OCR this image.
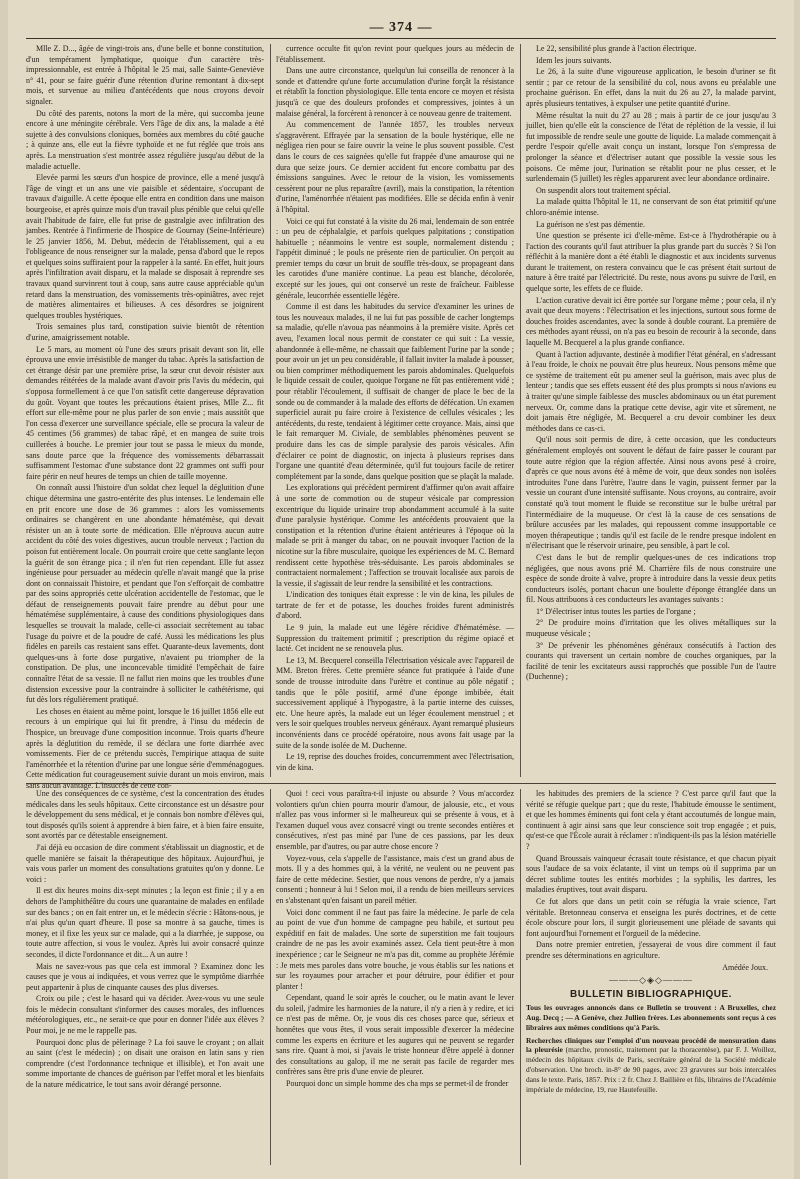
— 374 —

Mlle Z. D..., âgée de vingt-trois ans, d'une belle et bonne constitution, d'un tempérament lymphatique, quoique d'un caractère très-impressionnable, est entrée à l'hôpital le 25 mai, salle Sainte-Geneviève n° 41, pour se faire guérir d'une rétention d'urine remontant à dix-sept mois, et survenue au milieu d'antécédents que nous croyons devoir signaler.

Du côté des parents, notons la mort de la mère, qui succomba jeune encore à une méningite cérébrale. Vers l'âge de dix ans, la malade a été sujette à des convulsions cloniques, bornées aux membres du côté gauche ; à quinze ans, elle eut la fièvre typhoïde et ne fut réglée que trois ans après. La menstruation s'est montrée assez régulière jusqu'au début de la maladie actuelle.

Elevée parmi les sœurs d'un hospice de province, elle a mené jusqu'à l'âge de vingt et un ans une vie paisible et sédentaire, s'occupant de travaux d'aiguille. A cette époque elle entra en condition dans une maison bourgeoise, et après quinze mois d'un travail plus pénible que celui qu'elle avait l'habitude de faire, elle fut prise de gastralgie avec infiltration des jambes. Rentrée à l'infirmerie de l'hospice de Gournay (Seine-Inférieure) le 25 janvier 1856, M. Debut, médecin de l'établissement, qui a eu l'obligeance de nous renseigner sur la malade, pensa d'abord que le repos et quelques soins suffiraient pour la rappeler à la santé. En effet, huit jours après l'infiltration avait disparu, et la malade se disposait à reprendre ses travaux quand survinrent tout à coup, sans autre cause appréciable qu'un retard dans la menstruation, des vomissements très-opiniâtres, avec rejet de matières alimentaires et bilieuses. A ces désordres se joignirent quelques troubles hystériques.

Trois semaines plus tard, constipation suivie bientôt de rétention d'urine, amaigrissement notable.

Le 5 mars, au moment où l'une des sœurs prisait devant son lit, elle éprouva une envie irrésistible de manger du tabac. Après la satisfaction de cet étrange désir par une première prise, la sœur crut devoir résister aux demandes réitérées de la malade avant d'avoir pris l'avis du médecin, qui s'opposa formellement à ce que l'on satisfît cette dangereuse dépravation du goût. Voyant que toutes les précautions étaient prises, Mlle Z... fit effort sur elle-même pour ne plus parler de son envie ; mais aussitôt que l'on cessa d'exercer une surveillance spéciale, elle se procura la valeur de 45 centimes (56 grammes) de tabac râpé, et en mangea de suite trois cuillerées à bouche. Le premier jour tout se passa le mieux du monde, sans doute parce que la fréquence des vomissements débarrassait suffisamment l'estomac d'une substance dont 22 grammes ont suffi pour faire périr en neuf heures de temps un chien de taille moyenne.

On connaît aussi l'histoire d'un soldat chez lequel la déglutition d'une chique détermina une gastro-entérite des plus intenses. Le lendemain elle en prit encore une dose de 36 grammes : alors les vomissements ordinaires se changèrent en une abondante hématémèse, qui devait résister un an à toute sorte de médication. Elle n'éprouva aucun autre accident du côté des voies digestives, aucun trouble nerveux ; l'action du poison fut entièrement locale. On pourrait croire que cette sanglante leçon la guérit de son étrange pica ; il n'en fut rien cependant. Elle fut assez ingénieuse pour persuader au médecin qu'elle n'avait mangé que la prise dont on connaissait l'histoire, et pendant que l'on s'efforçait de combattre par des soins appropriés cette ulcération accidentelle de l'estomac, que le défaut de renseignements pouvait faire prendre au début pour une hématémèse supplémentaire, à cause des conditions physiologiques dans lesquelles se trouvait la malade, celle-ci associait secrètement au tabac l'usage du poivre et de la poudre de café. Aussi les médications les plus fidèles en pareils cas restaient sans effet. Quarante-deux lavements, dont quelques-uns à forte dose purgative, n'avaient pu triompher de la constipation. De plus, une inconcevable timidité l'empêchait de faire connaître l'état de sa vessie. Il ne fallut rien moins que les troubles d'une distension excessive pour la contraindre à solliciter le cathétérisme, qui fut dès lors régulièrement pratiqué.

Les choses en étaient au même point, lorsque le 16 juillet 1856 elle eut recours à un empirique qui lui fit prendre, à l'insu du médecin de l'hospice, un breuvage d'une composition inconnue. Trois quarts d'heure après la déglutition du remède, il se déclara une forte diarrhée avec vomissements. Fier de ce prétendu succès, l'empirique attaqua de suite l'aménorrhée et la rétention d'urine par une longue série d'emménagogues. Cette médication fut courageusement suivie durant un mois environ, mais sans aucun avantage. L'insuccès de cette con-

currence occulte fit qu'on revint pour quelques jours au médecin de l'établissement.

Dans une autre circonstance, quelqu'un lui conseilla de renoncer à la sonde et d'attendre qu'une forte accumulation d'urine forçât la résistance et rétablît la fonction physiologique. Elle tenta encore ce moyen et résista jusqu'à ce que des douleurs profondes et compressives, jointes à un malaise général, la forcèrent à renoncer à ce nouveau genre de traitement.

Au commencement de l'année 1857, les troubles nerveux s'aggravèrent. Effrayée par la sensation de la boule hystérique, elle ne négligea rien pour se faire ouvrir la veine le plus souvent possible. C'est dans le cours de ces saignées qu'elle fut frappée d'une amaurose qui ne dura que seize jours. Ce dernier accident fut encore combattu par des émissions sanguines. Avec le retour de la vision, les vomissements cessèrent pour ne plus reparaître (avril), mais la constipation, la rétention d'urine, l'aménorrhée n'étaient pas modifiées. Elle se décida enfin à venir à l'hôpital.

Voici ce qui fut constaté à la visite du 26 mai, lendemain de son entrée : un peu de céphalalgie, et parfois quelques palpitations ; constipation habituelle ; néanmoins le ventre est souple, normalement distendu ; l'appétit diminué ; le pouls ne présente rien de particulier. On perçoit au premier temps du cœur un bruit de souffle très-doux, se propageant dans les carotides d'une manière continue. La peau est blanche, décolorée, excepté sur les joues, qui ont conservé un reste de fraîcheur. Faiblesse générale, leucorrhée essentielle légère.

Comme il est dans les habitudes du service d'examiner les urines de tous les nouveaux malades, il ne lui fut pas possible de cacher longtemps sa maladie, qu'elle n'avoua pas néanmoins à la première visite. Après cet aveu, l'examen local nous permit de constater ce qui suit : La vessie, abandonnée à elle-même, ne chassait que faiblement l'urine par la sonde ; pour avoir un jet un peu considérable, il fallait inviter la malade à pousser, ou bien comprimer méthodiquement les parois abdominales. Quelquefois le liquide cessait de couler, quoique l'organe ne fût pas entièrement vidé ; pour rétablir l'écoulement, il suffisait de changer de place le bec de la sonde ou de commander à la malade des efforts de défécation. Un examen superficiel aurait pu faire croire à l'existence de cellules vésicales ; les antécédents, du reste, tendaient à légitimer cette croyance. Mais, ainsi que le fait remarquer M. Civiale, de semblables phénomènes peuvent se produire dans les cas de simple paralysie des parois vésicales. Afin d'éclairer ce point de diagnostic, on injecta à plusieurs reprises dans l'organe une quantité d'eau déterminée, qu'il fut toujours facile de retirer complétement par la sonde, dans quelque position que se plaçât la malade.

Les explorations qui précèdent permirent d'affirmer qu'on avait affaire à une sorte de commotion ou de stupeur vésicale par compression excentrique du liquide urinaire trop abondamment accumulé à la suite d'une paralysie hystérique. Comme les antécédents prouvaient que la constipation et la rétention d'urine étaient antérieures à l'époque où la malade se prit à manger du tabac, on ne pouvait invoquer l'action de la nicotine sur la fibre musculaire, quoique les expériences de M. C. Bernard rendissent cette hypothèse très-séduisante. Les parois abdominales se contractaient normalement ; l'affection se trouvait localisée aux parois de la vessie, il s'agissait de leur rendre la sensibilité et les contractions.

L'indication des toniques était expresse : le vin de kina, les pilules de tartrate de fer et de potasse, les douches froides furent administrés d'abord.

Le 9 juin, la malade eut une légère récidive d'hématémèse. — Suppression du traitement primitif ; prescription du régime opiacé et lacté. Cet incident ne se renouvela plus.

Le 13, M. Becquerel conseilla l'électrisation vésicale avec l'appareil de MM. Breton frères. Cette première séance fut pratiquée à l'aide d'une sonde de trousse introduite dans l'urètre et continue au pôle négatif ; tandis que le pôle positif, armé d'une éponge imbibée, était successivement appliqué à l'hypogastre, à la partie interne des cuisses, etc. Une heure après, la malade eut un léger écoulement menstruel ; et vers le soir quelques troubles nerveux généraux. Ayant remarqué plusieurs inconvénients dans ce procédé opératoire, nous avons fait usage par la suite de la sonde isolée de M. Duchenne.

Le 19, reprise des douches froides, concurremment avec l'électrisation, vin de kina.

Le 22, sensibilité plus grande à l'action électrique.

Idem les jours suivants.

Le 26, à la suite d'une vigoureuse application, le besoin d'uriner se fit sentir ; par ce retour de la sensibilité du col, nous avons eu préalable une prochaine guérison. En effet, dans la nuit du 26 au 27, la malade parvint, après plusieurs tentatives, à expulser une petite quantité d'urine.

Même résultat la nuit du 27 au 28 ; mais à partir de ce jour jusqu'au 3 juillet, bien qu'elle eût la conscience de l'état de réplétion de la vessie, il lui fut impossible de rendre seule une goutte de liquide. La malade commençait à perdre l'espoir qu'elle avait conçu un instant, lorsque l'on s'empressa de prolonger la séance et d'électriser autant que possible la vessie sous les poisons. Ce même jour, l'urination se rétablit pour ne plus cesser, et le surlendemain (5 juillet) les règles apparurent avec leur abondance ordinaire.

On suspendit alors tout traitement spécial.

La malade quitta l'hôpital le 11, ne conservant de son état primitif qu'une chloro-anémie intense.

La guérison ne s'est pas démentie.

Une question se présente ici d'elle-même. Est-ce à l'hydrothérapie ou à l'action des courants qu'il faut attribuer la plus grande part du succès ? Si l'on réfléchit à la manière dont a été établi le diagnostic et aux incidents survenus durant le traitement, on restera convaincu que le cas présent était surtout de nature à être traité par l'électricité. Du reste, nous avons pu suivre de l'œil, en quelque sorte, les effets de ce fluide.

L'action curative devait ici être portée sur l'organe même ; pour cela, il n'y avait que deux moyens : l'électrisation et les injections, surtout sous forme de douches froides ascendantes, avec la sonde à double courant. La première de ces méthodes ayant réussi, on n'a pas eu besoin de recourir à la seconde, dans laquelle M. Becquerel a la plus grande confiance.

Quant à l'action adjuvante, destinée à modifier l'état général, en s'adressant à l'eau froide, le choix ne pouvait être plus heureux. Nous pensons même que ce système de traitement eût pu amener seul la guérison, mais avec plus de lenteur ; tandis que ses effets eussent été des plus prompts si nous n'avions eu à traiter qu'une simple faiblesse des muscles abdominaux ou un état purement nerveux. Or, comme dans la pratique cette devise, agir vite et sûrement, ne doit jamais être négligée, M. Becquerel a cru devoir combiner les deux méthodes dans ce cas-ci.

Qu'il nous soit permis de dire, à cette occasion, que les conducteurs généralement employés ont souvent le défaut de faire passer le courant par toute autre région que la région affectée. Ainsi nous avons pesé à croire, d'après ce que nous avons été à même de voir, que deux sondes non isolées introduites l'une dans l'urètre, l'autre dans le vagin, puissent fermer par la vessie un courant d'une intensité suffisante. Nous croyons, au contraire, avoir constaté qu'à tout moment le fluide se reconstitue sur le bulbe urétral par l'intermédiaire de la muqueuse. Or c'est là la cause de ces sensations de brûlure accusées par les malades, qui repoussent comme insupportable ce moyen thérapeutique ; tandis qu'il est facile de le rendre presque indolent en n'électrisant que le réservoir urinaire, peu sensible, à part le col.

C'est dans le but de remplir quelques-unes de ces indications trop négligées, que nous avons prié M. Charrière fils de nous construire une espèce de sonde droite à valve, propre à introduire dans la vessie deux petits conducteurs isolés, portant chacun une boulette d'éponge étranglée dans un fil. Nous attribuons à ces conducteurs les avantages suivants :

1° D'électriser intus toutes les parties de l'organe ;

2° De produire moins d'irritation que les olives métalliques sur la muqueuse vésicale ;

3° De prévenir les phénomènes généraux consécutifs à l'action des courants qui traversent un certain nombre de couches organiques, par la facilité de tenir les excitateurs aussi rapprochés que possible l'un de l'autre (Duchenne) ;

Une des conséquences de ce système, c'est la concentration des études médicales dans les seuls hôpitaux. Cette circonstance est un désastre pour le développement du sens médical, et je connais bon nombre d'élèves qui, tout disposés qu'ils soient à apprendre à bien faire, et à bien faire ensuite, sont avortés par ce détestable enseignement.

J'ai déjà eu occasion de dire comment s'établissait un diagnostic, et de quelle manière se faisait la thérapeutique des hôpitaux. Aujourd'hui, je vais vous parler un moment des consultations gratuites qu'on y donne. Le voici :

Il est dix heures moins dix-sept minutes ; la leçon est finie ; il y a en dehors de l'amphithéâtre du cours une quarantaine de malades en enfilade sur des bancs ; on en fait entrer un, et le médecin s'écrie : Hâtons-nous, je n'ai plus qu'un quart d'heure. Il pose sa montre à sa gauche, times is money, et il fixe les yeux sur ce malade, qui a la diarrhée, je suppose, ou toute autre affection, si vous le voulez. Après lui avoir consacré quinze secondes, il dicte l'ordonnance et dit... A un autre !

Mais ne savez-vous pas que cela est immoral ? Examinez donc les causes que je vous ai indiquées, et vous verrez que le symptôme diarrhée peut appartenir à plus de cinquante causes des plus diverses.

Croix ou pile ; c'est le hasard qui va décider. Avez-vous vu une seule fois le médecin consultant s'informer des causes morales, des influences météorologiques, etc., ne serait-ce que pour en donner l'idée aux élèves ? Pour moi, je ne me le rappelle pas.

Pourquoi donc plus de pèlerinage ? La foi sauve le croyant ; on allait au saint (c'est le médecin) ; on disait une oraison en latin sans y rien comprendre (c'est l'ordonnance technique et illisible), et l'on avait une somme importante de chances de guérison par l'effet moral et les bienfaits de la nature médicatrice, le tout sans avoir dérangé personne.

Quoi ! ceci vous paraîtra-t-il injuste ou absurde ? Vous m'accordez volontiers qu'un chien pourra mourir d'amour, de jalousie, etc., et vous n'allez pas vous informer si le malheureux qui se présente à vous, et à l'examen duquel vous avez consacré vingt ou trente secondes entières et consécutives, n'est pas miné par l'une de ces passions, par les deux ensemble, par d'autres, ou par autre chose encore ?

Voyez-vous, cela s'appelle de l'assistance, mais c'est un grand abus de mots. Il y a des hommes qui, à la vérité, ne veulent ou ne peuvent pas faire de cette médecine. Sestier, que nous venons de perdre, n'y a jamais consenti ; honneur à lui ! Selon moi, il a rendu de bien meilleurs services en s'abstenant qu'en faisant un pareil métier.

Voici donc comment il ne faut pas faire la médecine. Je parle de cela au point de vue d'un homme de campagne peu habile, et surtout peu expéditif en fait de malades. Une sorte de superstition me fait toujours craindre de ne pas les avoir examinés assez. Cela tient peut-être à mon inexpérience ; car le Seigneur ne m'a pas dit, comme au prophète Jérémie : Je mets mes paroles dans votre bouche, je vous établis sur les nations et sur les royaumes pour arracher et pour détruire, pour édifier et pour planter !

Cependant, quand le soir après le coucher, ou le matin avant le lever du soleil, j'admire les harmonies de la nature, il n'y a rien à y redire, et ici ce n'est pas de même. Or, je vous dis ces choses parce que, sérieux et honnêtes que vous êtes, il vous serait impossible d'exercer la médecine comme les experts en écriture et les augures qui ne peuvent se regarder sans rire. Quant à moi, si j'avais le triste honneur d'être appelé à donner des consultations au galop, il me ne serait pas facile de regarder mes confrères sans être pris d'une envie de pleurer.

Pourquoi donc un simple homme des cha mps se permet-il de fronder

les habitudes des premiers de la science ? C'est parce qu'il faut que la vérité se réfugie quelque part ; que du reste, l'habitude émousse le sentiment, et que les hommes éminents qui font cela y étant accoutumés de longue main, continuent à agir ainsi sans que leur conscience soit trop engagée ; et puis, qu'est-ce que l'École aurait à réclamer : n'indiquent-ils pas la lésion matérielle ?

Quand Broussais vainqueur écrasait toute résistance, et que chacun piyait sous l'audace de sa voix éclatante, il vint un temps où il supprima par un décret sublime toutes les entités morbides ; la syphilis, les dartres, les maladies éruptives, tout avait disparu.

Ce fut alors que dans un petit coin se réfugia la vraie science, l'art véritable. Bretonneau conserva et enseigna les purés doctrines, et de cette école obscure pour lors, il surgit glorieusement une pléiade de savants qui font aujourd'hui l'ornement et l'orgueil de la médecine.

Dans notre premier entretien, j'essayerai de vous dire comment il faut prendre ses déterminations en agriculture.

Amédée Joux.

———◇◈◇———
BULLETIN BIBLIOGRAPHIQUE.

Tous les ouvrages annoncés dans ce Bulletin se trouvent : A Bruxelles, chez Aug. Decq ; — A Genève, chez Jullien frères. Les abonnements sont reçus à ces libraires aux mêmes conditions qu'à Paris.

Recherches cliniques sur l'emploi d'un nouveau procédé de mensuration dans la pleurésie (marche, pronostic, traitement par la thoracentèse), par F. J. Woillez, médecin des hôpitaux civils de Paris, secrétaire général de la Société médicale d'observation. Une broch. in-8° de 90 pages, avec 23 gravures sur bois intercalées dans le texte. Paris, 1857. Prix : 2 fr. Chez J. Baillière et fils, libraires de l'Académie impériale de médecine, 19, rue Hautefeuille.
